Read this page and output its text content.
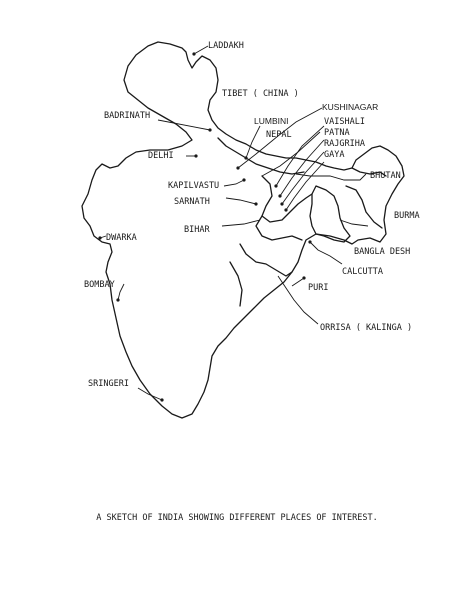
LADDAKH
TIBET ( CHINA )
KUSHINAGAR
BADRINATH	LUMBINI	VAISHALI
PATNA
NEPAL
RAJGRIHA
GAYA
DELHI
BHUTAN
KAPILVASTU
SARNATH
BURMA
BIHAR
DWARKA
BANGLA DESH
CALCUTTA
BOMBAY	PURI
ORRISA ( KALINGA )
SRINGERI
A SKETCH OF INDIA SHOWING DIFFERENT PLACES OF INTEREST.
